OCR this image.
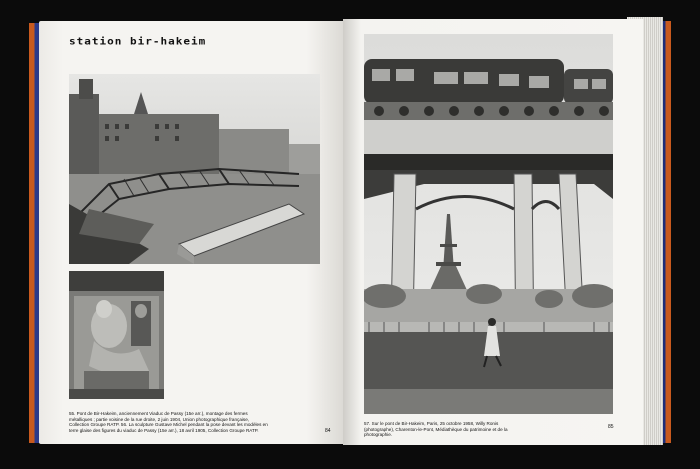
station bir-hakeim
55. Pont de Bir-Hakeim, anciennement Viaduc de Passy (15e arr.), montage des fermes métalliques ; partie voisine de la rue droite, 2 juin 1904, Union photographique française, Collection Groupe RATP. 56. La sculpture Gustave Michel pendant la pose devant les modèles en terre glaise des figures du viaduc de Passy (15e arr.), 18 avril 1905, Collection Groupe RATP.
57. Sur le pont de Bir-Hakeim, Paris, 25 octobre 1958, Willy Ronis (photographe), Charenton-le-Pont, Médiathèque du patrimoine et de la photographie.
84
85
